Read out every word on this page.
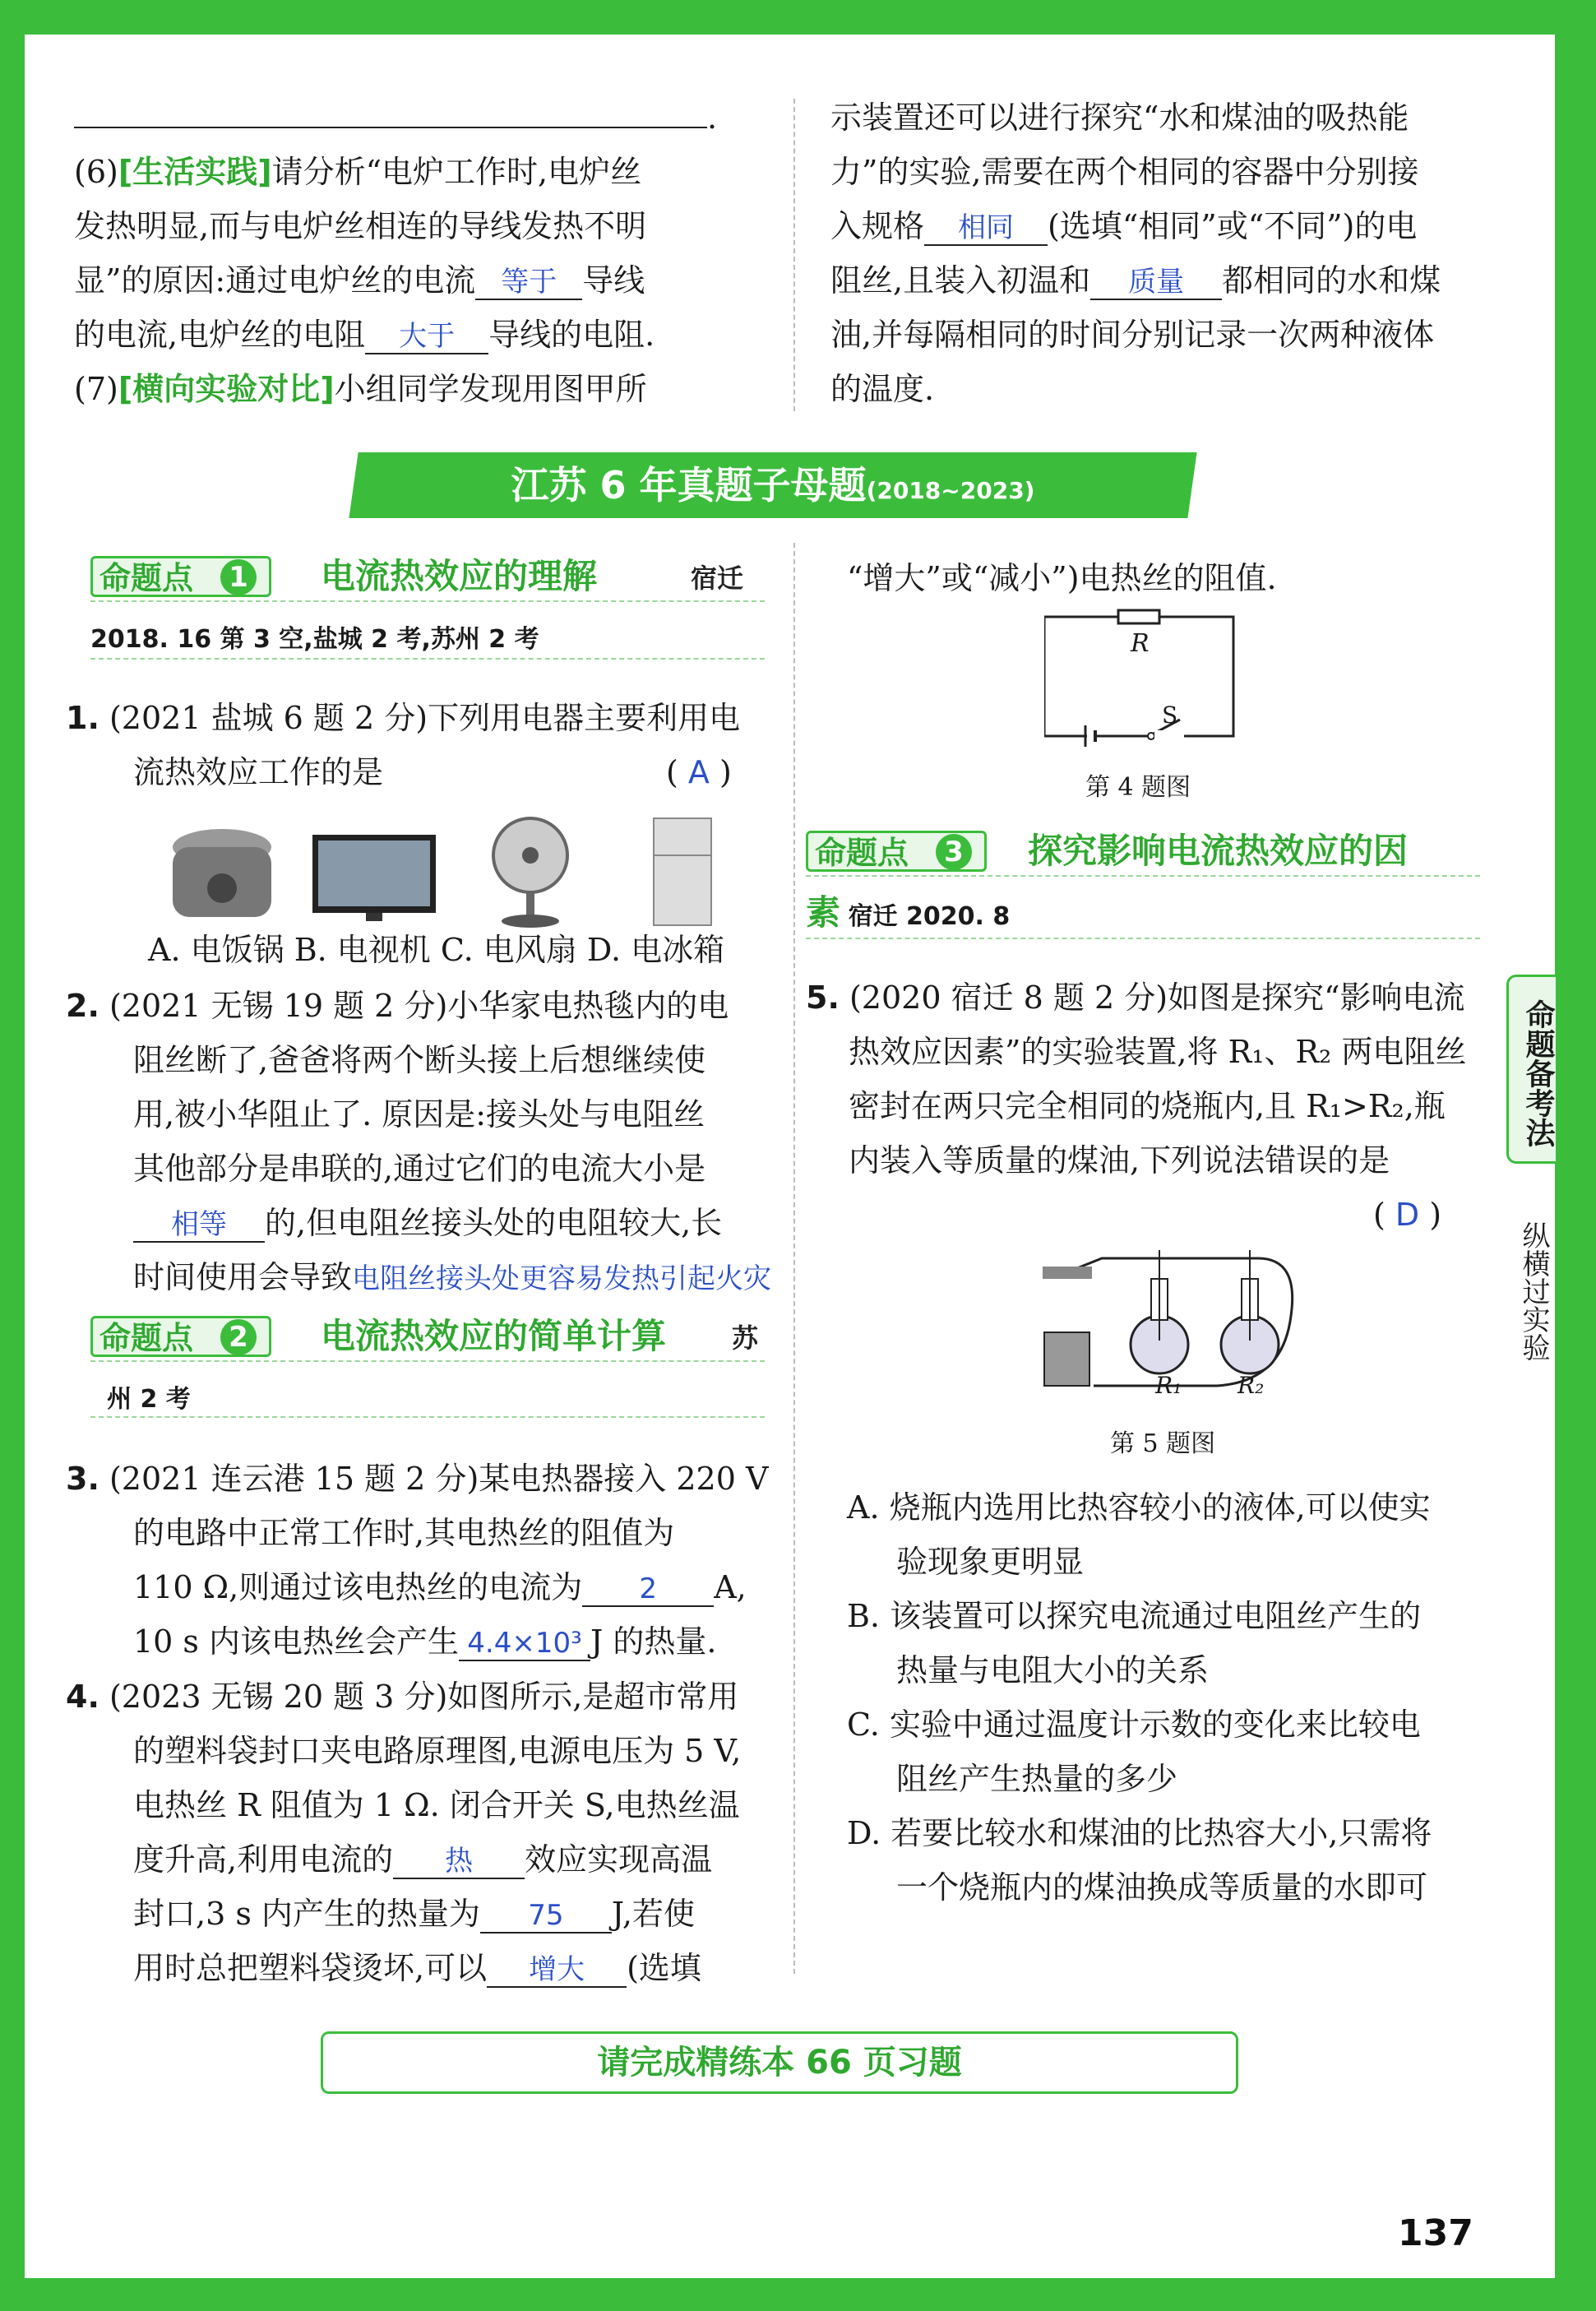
.
(6)[生活实践]请分析“电炉工作时,电炉丝
发热明显,而与电炉丝相连的导线发热不明
显”的原因:通过电炉丝的电流 等于 导线
的电流,电炉丝的电阻 大于 导线的电阻.
(7)[横向实验对比]小组同学发现用图甲所
示装置还可以进行探究“水和煤油的吸热能
力”的实验,需要在两个相同的容器中分别接
入规格 相同 (选填“相同”或“不同”)的电
阻丝,且装入初温和 质量 都相同的水和煤
油,并每隔相同的时间分别记录一次两种液体
的温度.
江苏 6 年真题子母题(2018~2023)
命题点	1 电流热效应的理解	宿迁
2018. 16 第 3 空,盐城 2 考,苏州 2 考
1. (2021 盐城 6 题 2 分)下列用电器主要利用电
流热效应工作的是	( A )
A. 电饭锅 B. 电视机 C. 电风扇 D. 电冰箱
2. (2021 无锡 19 题 2 分)小华家电热毯内的电
阻丝断了,爸爸将两个断头接上后想继续使
用,被小华阻止了. 原因是:接头处与电阻丝
其他部分是串联的,通过它们的电流大小是
相等 的,但电阻丝接头处的电阻较大,长
时间使用会导致电阻丝接头处更容易发热引起火灾
命题点	2 电流热效应的简单计算 苏
州 2 考
3. (2021 连云港 15 题 2 分)某电热器接入 220 V
的电路中正常工作时,其电热丝的阻值为
110 Ω,则通过该电热丝的电流为 2 A,
10 s 内该电热丝会产生 4.4×10³ J 的热量.
4. (2023 无锡 20 题 3 分)如图所示,是超市常用
的塑料袋封口夹电路原理图,电源电压为 5 V,
电热丝 R 阻值为 1 Ω. 闭合开关 S,电热丝温
度升高,利用电流的 热 效应实现高温
封口,3 s 内产生的热量为 75 J,若使
用时总把塑料袋烫坏,可以 增大 (选填
“增大”或“减小”)电热丝的阻值.
R
S
第 4 题图
命题点	3 探究影响电流热效应的因
素 宿迁 2020. 8
5. (2020 宿迁 8 题 2 分)如图是探究“影响电流
热效应因素”的实验装置,将 R₁、R₂ 两电阻丝
密封在两只完全相同的烧瓶内,且 R₁>R₂,瓶
内装入等质量的煤油,下列说法错误的是
( D )
R₁ R₂
第 5 题图
A. 烧瓶内选用比热容较小的液体,可以使实
验现象更明显
B. 该装置可以探究电流通过电阻丝产生的
热量与电阻大小的关系
C. 实验中通过温度计示数的变化来比较电
阻丝产生热量的多少
D. 若要比较水和煤油的比热容大小,只需将
一个烧瓶内的煤油换成等质量的水即可
命题备考法
纵横过实验
请完成精练本 66 页习题
137
